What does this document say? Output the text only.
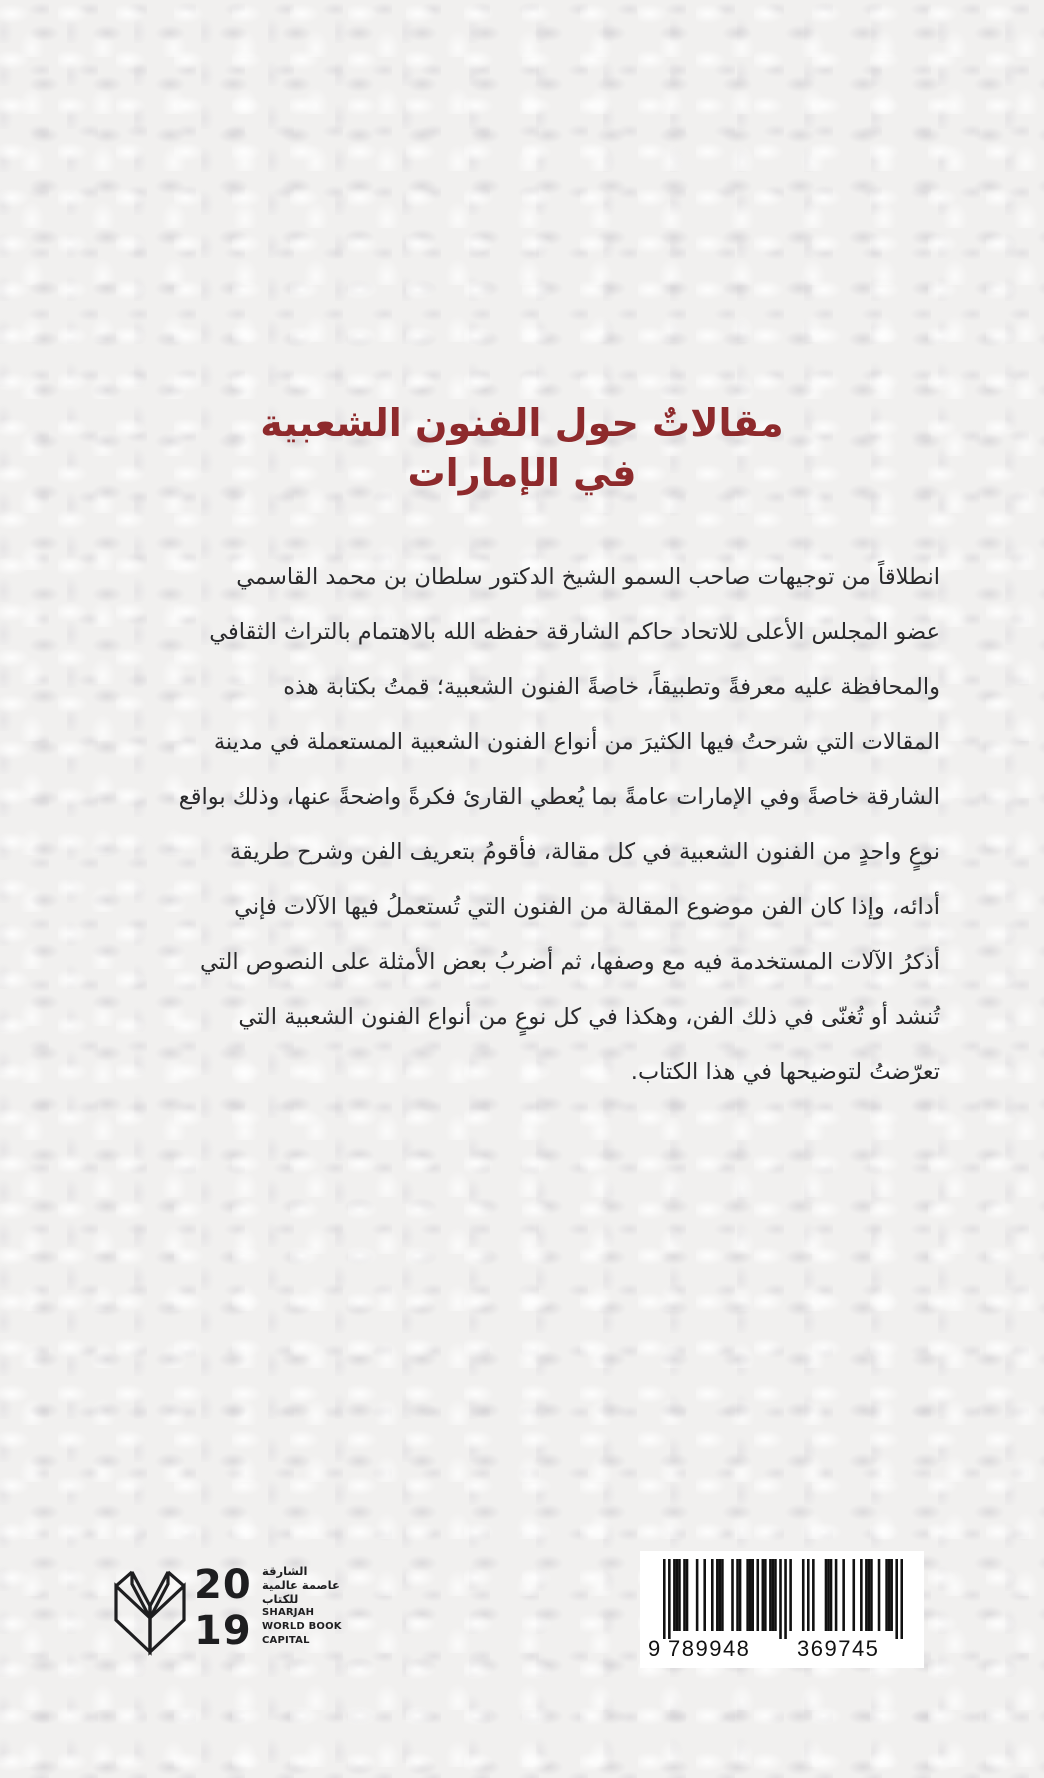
مقالاتٌ حول الفنون الشعبية
في الإمارات
انطلاقاً من توجيهات صاحب السمو الشيخ الدكتور سلطان بن محمد القاسمي
عضو المجلس الأعلى للاتحاد حاكم الشارقة حفظه الله بالاهتمام بالتراث الثقافي
والمحافظة عليه معرفةً وتطبيقاً، خاصةً الفنون الشعبية؛ قمتُ بكتابة هذه
المقالات التي شرحتُ فيها الكثيرَ من أنواع الفنون الشعبية المستعملة في مدينة
الشارقة خاصةً وفي الإمارات عامةً بما يُعطي القارئ فكرةً واضحةً عنها، وذلك بواقع
نوعٍ واحدٍ من الفنون الشعبية في كل مقالة، فأقومُ بتعريف الفن وشرح طريقة
أدائه، وإذا كان الفن موضوع المقالة من الفنون التي تُستعملُ فيها الآلات فإني
أذكرُ الآلات المستخدمة فيه مع وصفها، ثم أضربُ بعض الأمثلة على النصوص التي
تُنشد أو تُغنّى في ذلك الفن، وهكذا في كل نوعٍ من أنواع الفنون الشعبية التي
تعرّضتُ لتوضيحها في هذا الكتاب.
20
19
الشارقة
عاصمة عالمية
للكتاب
SHARJAH
WORLD BOOK
CAPITAL	9 789948 369745
